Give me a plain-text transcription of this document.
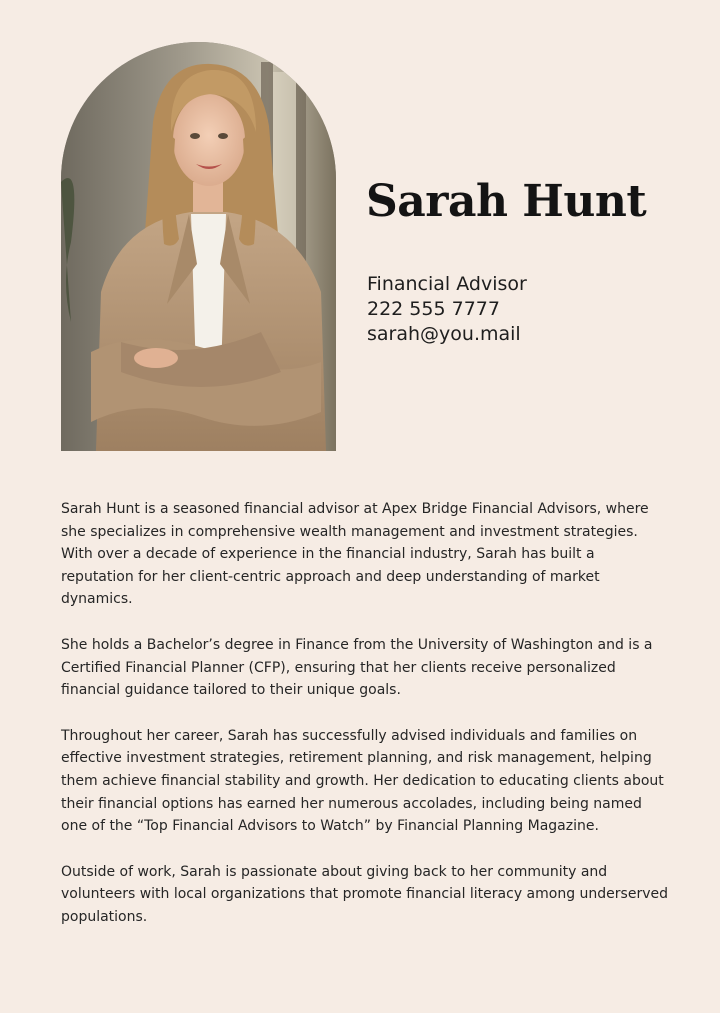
Sarah Hunt
Financial Advisor
222 555 7777
sarah@you.mail

Sarah Hunt is a seasoned financial advisor at Apex Bridge Financial Advisors, where she specializes in comprehensive wealth management and investment strategies. With over a decade of experience in the financial industry, Sarah has built a reputation for her client-centric approach and deep understanding of market dynamics.

She holds a Bachelor’s degree in Finance from the University of Washington and is a Certified Financial Planner (CFP), ensuring that her clients receive personalized financial guidance tailored to their unique goals.

Throughout her career, Sarah has successfully advised individuals and families on effective investment strategies, retirement planning, and risk management, helping them achieve financial stability and growth. Her dedication to educating clients about their financial options has earned her numerous accolades, including being named one of the “Top Financial Advisors to Watch” by Financial Planning Magazine.

Outside of work, Sarah is passionate about giving back to her community and volunteers with local organizations that promote financial literacy among underserved populations.
